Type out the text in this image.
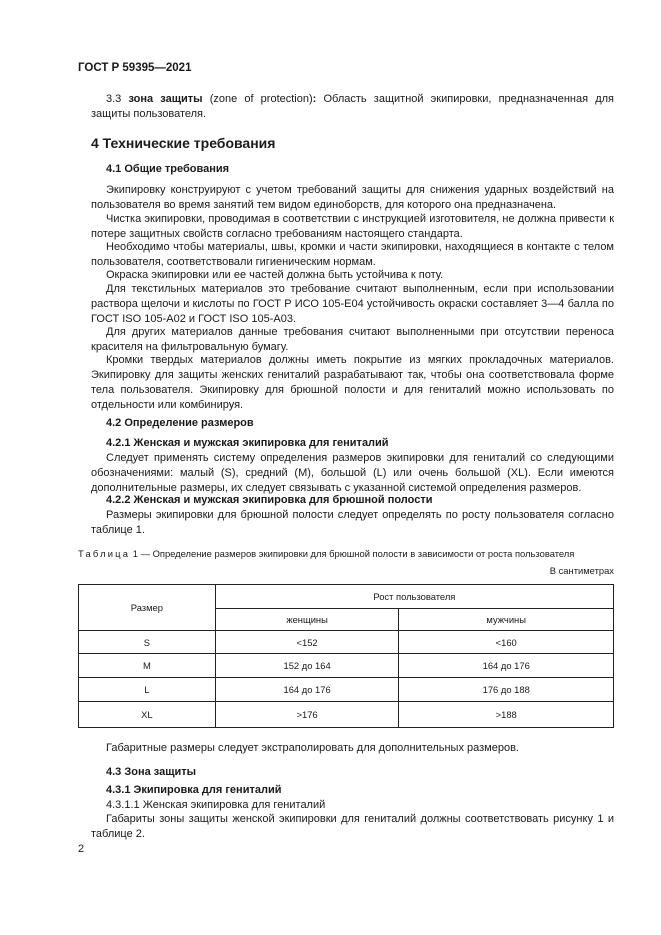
ГОСТ Р 59395—2021

3.3 зона защиты (zone of protection): Область защитной экипировки, предназначенная для защиты пользователя.

4 Технические требования
4.1 Общие требования

Экипировку конструируют с учетом требований защиты для снижения ударных воздействий на пользователя во время занятий тем видом единоборств, для которого она предназначена.

Чистка экипировки, проводимая в соответствии с инструкцией изготовителя, не должна привести к потере защитных свойств согласно требованиям настоящего стандарта.

Необходимо чтобы материалы, швы, кромки и части экипировки, находящиеся в контакте с телом пользователя, соответствовали гигиеническим нормам.

Окраска экипировки или ее частей должна быть устойчива к поту.

Для текстильных материалов это требование считают выполненным, если при использовании раствора щелочи и кислоты по ГОСТ Р ИСО 105-Е04 устойчивость окраски составляет 3—4 балла по ГОСТ ISO 105-А02 и ГОСТ ISO 105-А03.

Для других материалов данные требования считают выполненными при отсутствии переноса красителя на фильтровальную бумагу.

Кромки твердых материалов должны иметь покрытие из мягких прокладочных материалов. Экипировку для защиты женских гениталий разрабатывают так, чтобы она соответствовала форме тела пользователя. Экипировку для брюшной полости и для гениталий можно использовать по отдельности или комбинируя.

4.2 Определение размеров
4.2.1 Женская и мужская экипировка для гениталий

Следует применять систему определения размеров экипировки для гениталий со следующими обозначениями: малый (S), средний (M), большой (L) или очень большой (XL). Если имеются дополнительные размеры, их следует связывать с указанной системой определения размеров.

4.2.2 Женская и мужская экипировка для брюшной полости

Размеры экипировки для брюшной полости следует определять по росту пользователя согласно таблице 1.

Таблица 1 — Определение размеров экипировки для брюшной полости в зависимости от роста пользователя
В сантиметрах
Размер	Рост пользователя	
	женщины	мужчины
S	<152	<160
M	152 до 164	164 до 176
L	164 до 176	176 до 188
XL	>176	>188

Габаритные размеры следует экстраполировать для дополнительных размеров.

4.3 Зона защиты
4.3.1 Экипировка для гениталий
4.3.1.1 Женская экипировка для гениталий

Габариты зоны защиты женской экипировки для гениталий должны соответствовать рисунку 1 и таблице 2.

2
